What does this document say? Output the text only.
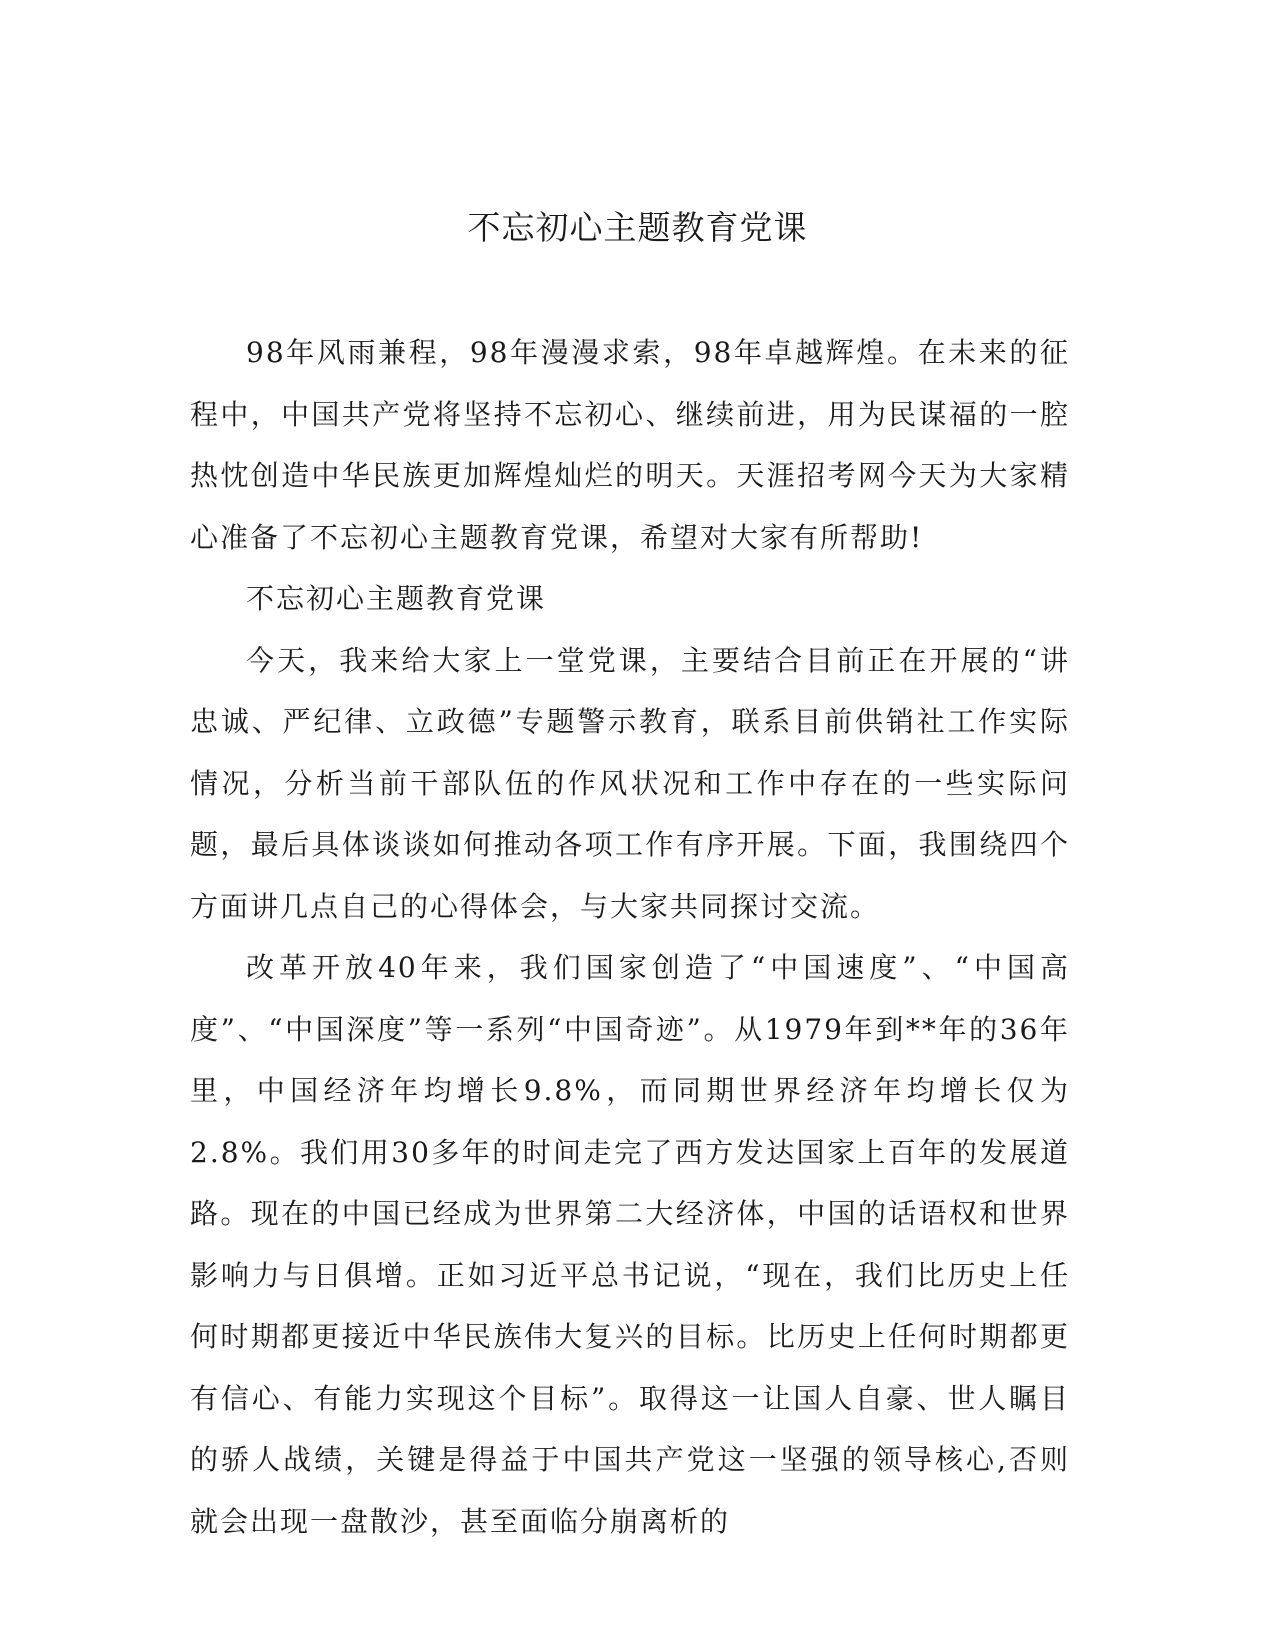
不忘初心主题教育党课

98年风雨兼程，98年漫漫求索，98年卓越辉煌。在未来的征程中，中国共产党将坚持不忘初心、继续前进，用为民谋福的一腔热忱创造中华民族更加辉煌灿烂的明天。天涯招考网今天为大家精心准备了不忘初心主题教育党课，希望对大家有所帮助!

不忘初心主题教育党课

今天，我来给大家上一堂党课，主要结合目前正在开展的“讲忠诚、严纪律、立政德”专题警示教育，联系目前供销社工作实际情况，分析当前干部队伍的作风状况和工作中存在的一些实际问题，最后具体谈谈如何推动各项工作有序开展。下面，我围绕四个方面讲几点自己的心得体会，与大家共同探讨交流。

改革开放40年来，我们国家创造了“中国速度”、“中国高度”、“中国深度”等一系列“中国奇迹”。从1979年到**年的36年里，中国经济年均增长9.8%，而同期世界经济年均增长仅为2.8%。我们用30多年的时间走完了西方发达国家上百年的发展道路。现在的中国已经成为世界第二大经济体，中国的话语权和世界影响力与日俱增。正如习近平总书记说，“现在，我们比历史上任何时期都更接近中华民族伟大复兴的目标。比历史上任何时期都更有信心、有能力实现这个目标”。取得这一让国人自豪、世人瞩目的骄人战绩，关键是得益于中国共产党这一坚强的领导核心,否则就会出现一盘散沙，甚至面临分崩离析的
